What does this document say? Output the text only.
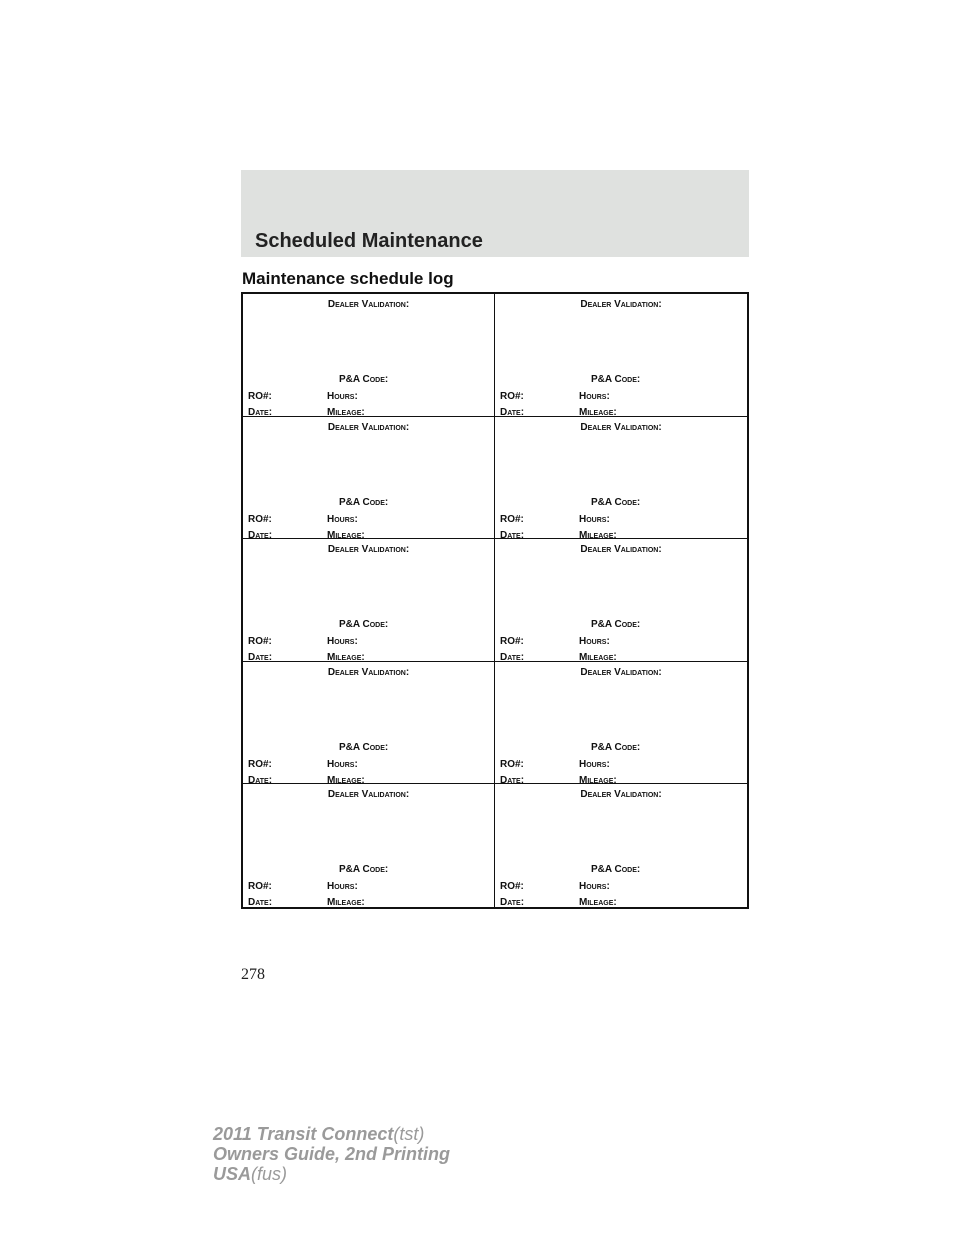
Scheduled Maintenance
Maintenance schedule log
Dealer Validation:
P&A Code:
RO#:	Hours:
Date:	Mileage:
Dealer Validation:
P&A Code:
RO#:	Hours:
Date:	Mileage:
Dealer Validation:
P&A Code:
RO#:	Hours:
Date:	Mileage:
Dealer Validation:
P&A Code:
RO#:	Hours:
Date:	Mileage:
Dealer Validation:
P&A Code:
RO#:	Hours:
Date:	Mileage:
Dealer Validation:
P&A Code:
RO#:	Hours:
Date:	Mileage:
Dealer Validation:
P&A Code:
RO#:	Hours:
Date:	Mileage:
Dealer Validation:
P&A Code:
RO#:	Hours:
Date:	Mileage:
Dealer Validation:
P&A Code:
RO#:	Hours:
Date:	Mileage:
Dealer Validation:
P&A Code:
RO#:	Hours:
Date:	Mileage:
278
2011 Transit Connect(tst)
Owners Guide, 2nd Printing
USA(fus)
